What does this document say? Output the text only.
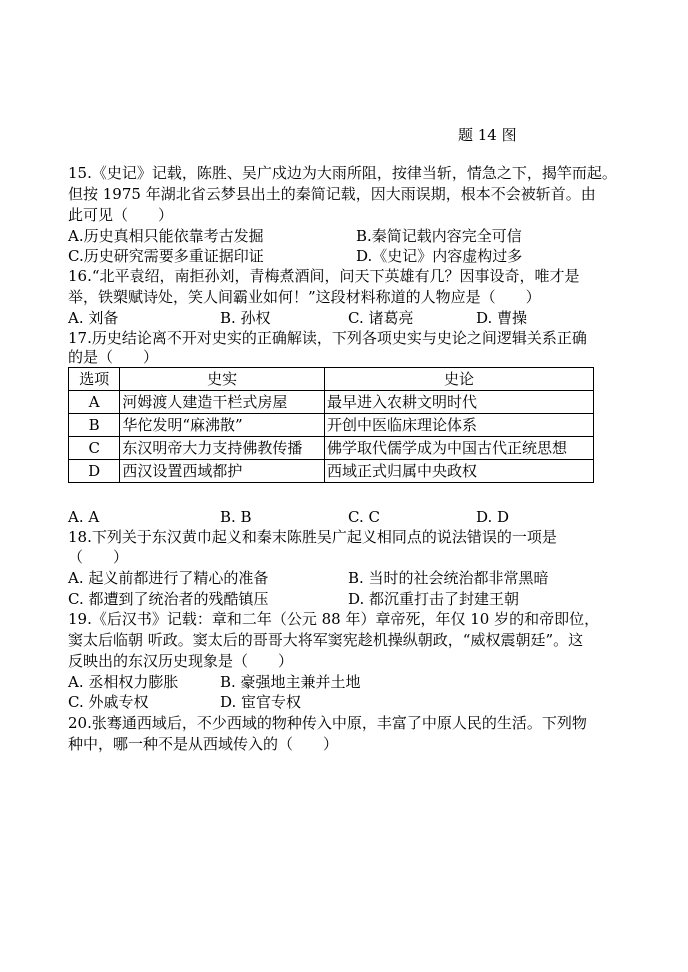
题 14 图
15.《史记》记载，陈胜、吴广戍边为大雨所阻，按律当斩，情急之下，揭竿而起。
但按 1975 年湖北省云梦县出土的秦简记载，因大雨误期，根本不会被斩首。由
此可见（　　）
A.历史真相只能依靠考古发掘	B.秦简记载内容完全可信
C.历史研究需要多重证据印证	D.《史记》内容虚构过多
16.“北平袁绍，南拒孙刘，青梅煮酒间，问天下英雄有几？因事设奇，唯才是
举，铁槊赋诗处，笑人间霸业如何！”这段材料称道的人物应是（　　）
A. 刘备	B. 孙权	C. 诸葛亮	D. 曹操
17.历史结论离不开对史实的正确解读，下列各项史实与史论之间逻辑关系正确
的是（　　）
选项	史实	史论
A	河姆渡人建造干栏式房屋	最早进入农耕文明时代
B	华佗发明“麻沸散”	开创中医临床理论体系
C	东汉明帝大力支持佛教传播	佛学取代儒学成为中国古代正统思想
D	西汉设置西域都护	西域正式归属中央政权
A. A	B. B	C. C	D. D
18.下列关于东汉黄巾起义和秦末陈胜吴广起义相同点的说法错误的一项是
（　　）
A. 起义前都进行了精心的准备	B. 当时的社会统治都非常黑暗
C. 都遭到了统治者的残酷镇压	D. 都沉重打击了封建王朝
19.《后汉书》记载：章和二年（公元 88 年）章帝死，年仅 10 岁的和帝即位，
窦太后临朝 听政。窦太后的哥哥大将军窦宪趁机操纵朝政，“威权震朝廷”。这
反映出的东汉历史现象是（　　）
A. 丞相权力膨胀	B. 豪强地主兼并土地
C. 外戚专权	D. 宦官专权
20.张骞通西域后，不少西域的物种传入中原，丰富了中原人民的生活。下列物
种中，哪一种不是从西域传入的（　　）
